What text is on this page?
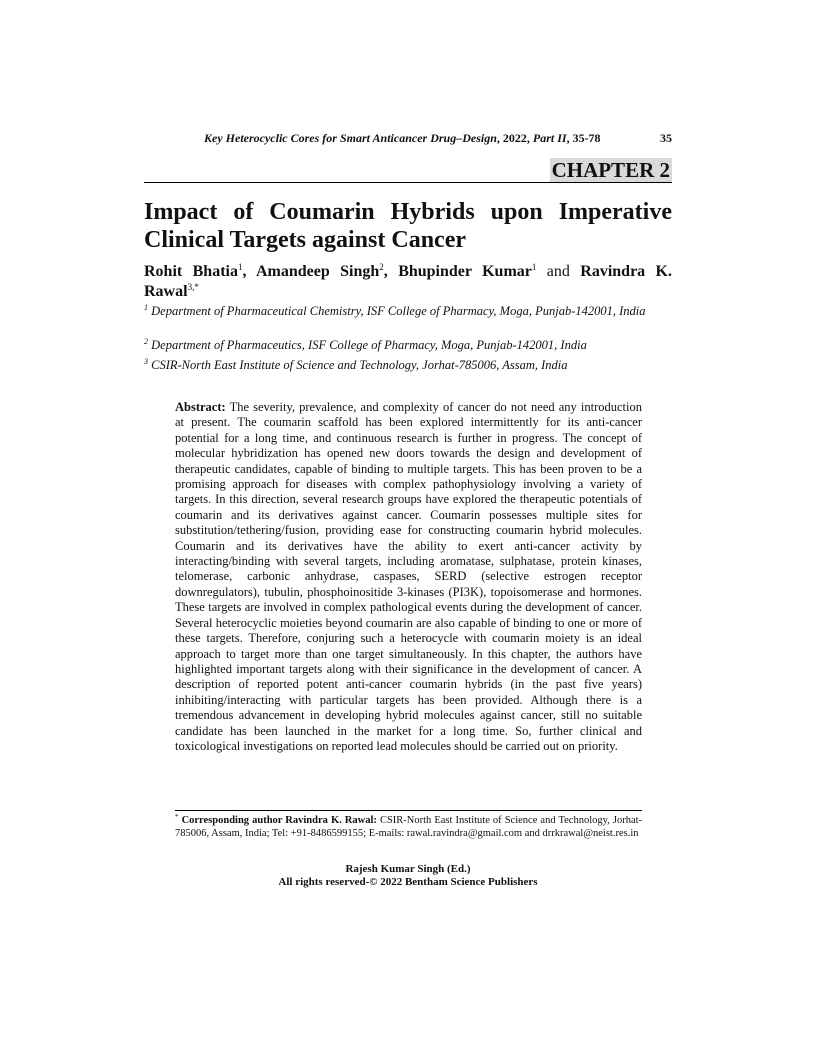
Key Heterocyclic Cores for Smart Anticancer Drug–Design, 2022, Part II, 35-78	35
CHAPTER 2
Impact of Coumarin Hybrids upon Imperative
Clinical Targets against Cancer
Rohit Bhatia$^1$, Amandeep Singh$^2$, Bhupinder Kumar$^1$ and Ravindra K.
Rawal$^{3,*}$
$^1$ Department of Pharmaceutical Chemistry, ISF College of Pharmacy, Moga, Punjab-142001, India
$^2$ Department of Pharmaceutics, ISF College of Pharmacy, Moga, Punjab-142001, India
$^3$ CSIR-North East Institute of Science and Technology, Jorhat-785006, Assam, India
Abstract: The severity, prevalence, and complexity of cancer do not need any introduction at present. The coumarin scaffold has been explored intermittently for its anti-cancer potential for a long time, and continuous research is further in progress. The concept of molecular hybridization has opened new doors towards the design and development of therapeutic candidates, capable of binding to multiple targets. This has been proven to be a promising approach for diseases with complex pathophysiology involving a variety of targets. In this direction, several research groups have explored the therapeutic potentials of coumarin and its derivatives against cancer. Coumarin possesses multiple sites for substitution/tethering/fusion, providing ease for constructing coumarin hybrid molecules. Coumarin and its derivatives have the ability to exert anti-cancer activity by interacting/binding with several targets, including aromatase, sulphatase, protein kinases, telomerase, carbonic anhydrase, caspases, SERD (selective estrogen receptor downregulators), tubulin, phosphoinositide 3-kinases (PI3K), topoisomerase and hormones. These targets are involved in complex pathological events during the development of cancer. Several heterocyclic moieties beyond coumarin are also capable of binding to one or more of these targets. Therefore, conjuring such a heterocycle with coumarin moiety is an ideal approach to target more than one target simultaneously. In this chapter, the authors have highlighted important targets along with their significance in the development of cancer. A description of reported potent anti-cancer coumarin hybrids (in the past five years) inhibiting/interacting with particular targets has been provided. Although there is a tremendous advancement in developing hybrid molecules against cancer, still no suitable candidate has been launched in the market for a long time. So, further clinical and toxicological investigations on reported lead molecules should be carried out on priority.
* Corresponding author Ravindra K. Rawal: CSIR-North East Institute of Science and Technology, Jorhat-785006, Assam, India; Tel: +91-8486599155; E-mails: rawal.ravindra@gmail.com and drrkrawal@neist.res.in
Rajesh Kumar Singh (Ed.)
All rights reserved-© 2022 Bentham Science Publishers
